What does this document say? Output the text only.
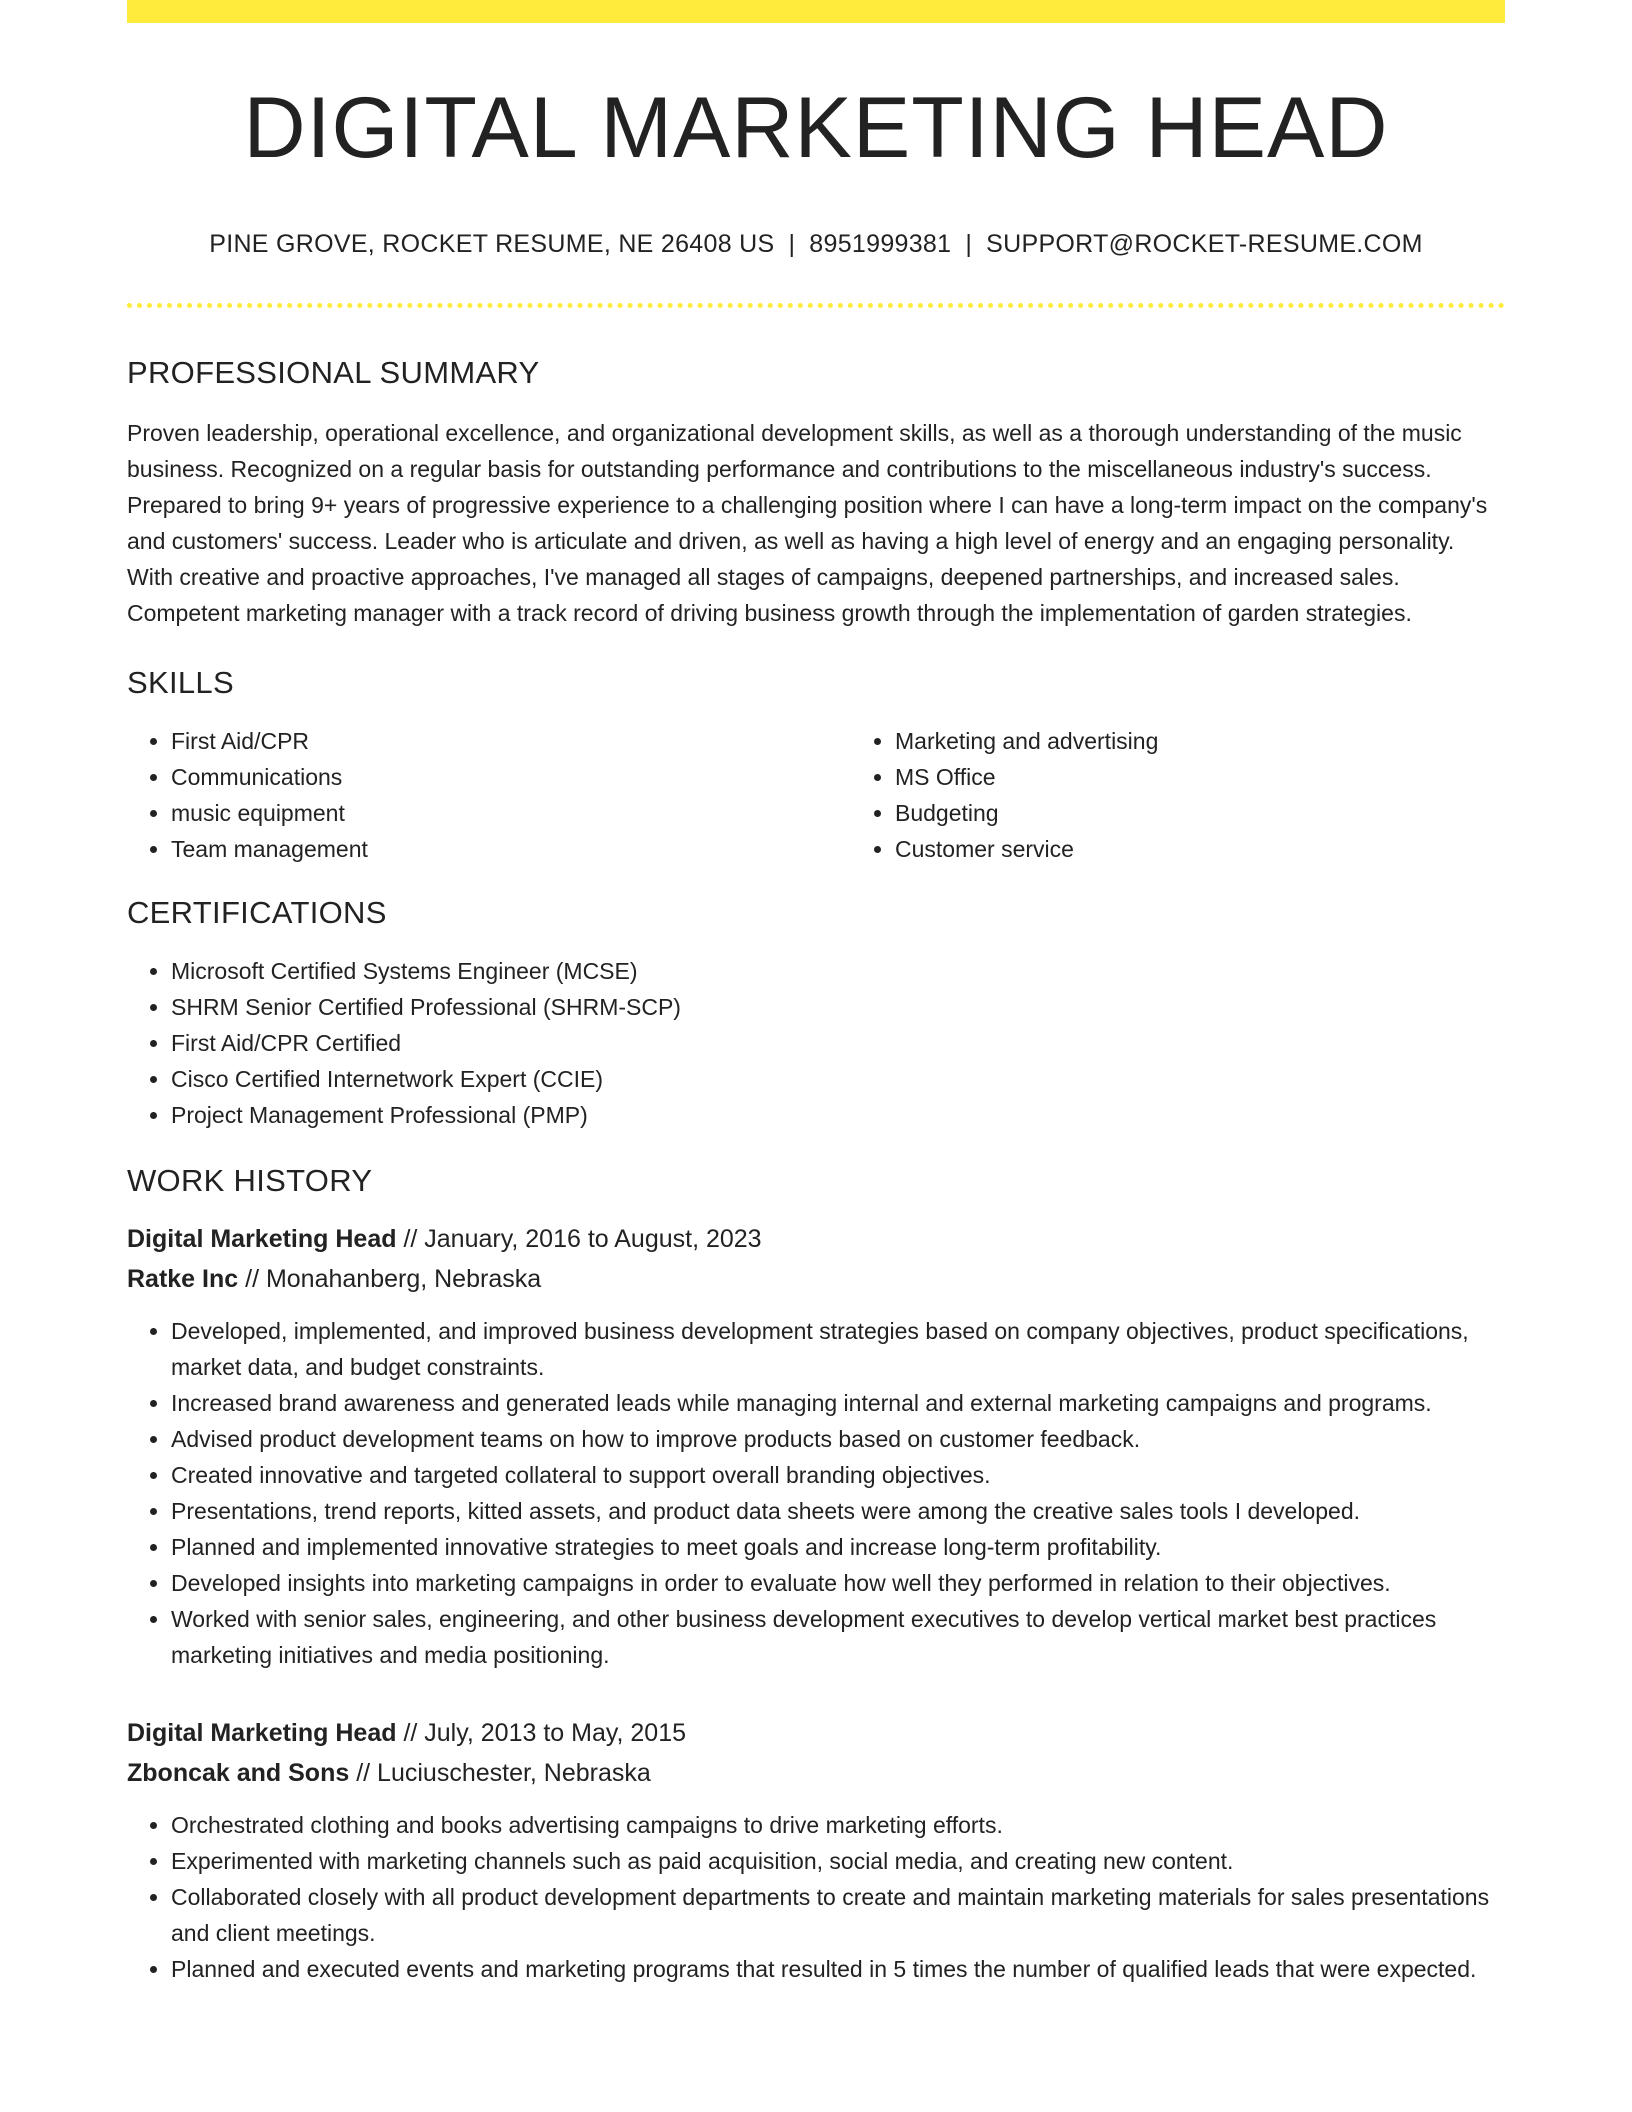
DIGITAL MARKETING HEAD
PINE GROVE, ROCKET RESUME, NE 26408 US | 8951999381 | SUPPORT@ROCKET-RESUME.COM
PROFESSIONAL SUMMARY

Proven leadership, operational excellence, and organizational development skills, as well as a thorough understanding of the music business. Recognized on a regular basis for outstanding performance and contributions to the miscellaneous industry's success. Prepared to bring 9+ years of progressive experience to a challenging position where I can have a long-term impact on the company's and customers' success. Leader who is articulate and driven, as well as having a high level of energy and an engaging personality. With creative and proactive approaches, I've managed all stages of campaigns, deepened partnerships, and increased sales. Competent marketing manager with a track record of driving business growth through the implementation of garden strategies.

SKILLS
• First Aid/CPR
• Communications
• music equipment
• Team management
• Marketing and advertising
• MS Office
• Budgeting
• Customer service
CERTIFICATIONS
• Microsoft Certified Systems Engineer (MCSE)
• SHRM Senior Certified Professional (SHRM-SCP)
• First Aid/CPR Certified
• Cisco Certified Internetwork Expert (CCIE)
• Project Management Professional (PMP)
WORK HISTORY
Digital Marketing Head // January, 2016 to August, 2023
Ratke Inc // Monahanberg, Nebraska
• Developed, implemented, and improved business development strategies based on company objectives, product specifications, market data, and budget constraints.
• Increased brand awareness and generated leads while managing internal and external marketing campaigns and programs.
• Advised product development teams on how to improve products based on customer feedback.
• Created innovative and targeted collateral to support overall branding objectives.
• Presentations, trend reports, kitted assets, and product data sheets were among the creative sales tools I developed.
• Planned and implemented innovative strategies to meet goals and increase long-term profitability.
• Developed insights into marketing campaigns in order to evaluate how well they performed in relation to their objectives.
• Worked with senior sales, engineering, and other business development executives to develop vertical market best practices marketing initiatives and media positioning.
Digital Marketing Head // July, 2013 to May, 2015
Zboncak and Sons // Luciuschester, Nebraska
• Orchestrated clothing and books advertising campaigns to drive marketing efforts.
• Experimented with marketing channels such as paid acquisition, social media, and creating new content.
• Collaborated closely with all product development departments to create and maintain marketing materials for sales presentations and client meetings.
• Planned and executed events and marketing programs that resulted in 5 times the number of qualified leads that were expected.
